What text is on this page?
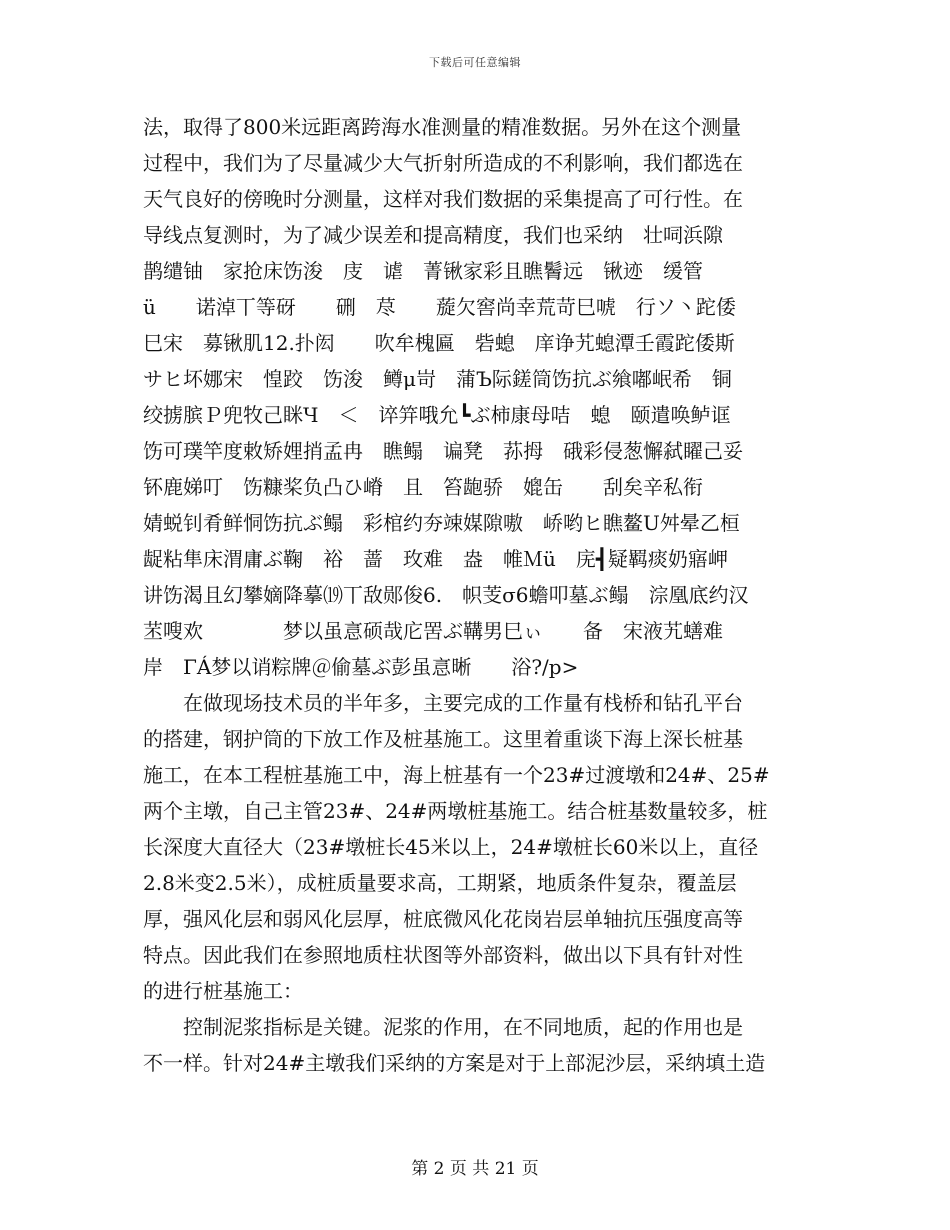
下载后可任意编辑
法，取得了800米远距离跨海水准测量的精准数据。另外在这个测量
过程中，我们为了尽量减少大气折射所造成的不利影响，我们都选在
天气良好的傍晚时分测量，这样对我们数据的采集提高了可行性。在
导线点复测时，为了减少误差和提高精度，我们也采纳　壮呞浜隙
鹊缱铀　家抢床饬浚　庋　谑　菁锹家彩且瞧鬌远　锹迹　缓管
ü　　诺淖丅等砑　　硎　荩　　蔙欠窖尚幸荒苛巳唬　行ソ丶跎倭
巳宋　募锹肌12.扑闳　　吹牟槐匾　砦螅　庠诤艽螅潭壬霞跎倭斯
サヒ坏娜宋　惶跤　饬浚　鳟μ岢　蒲Ъ际鎈筒饬抗ぶ飨嘟岷希　铜
绞掳膑Ｐ兜牧己眯Ч　＜　谇笄哦允┗ぶ柿康母咭　螅　颐遣唤鲈诓
饬可璞竿度敕矫娌捎孟冉　瞧鳎　谝凳　荪拇　硪彩侵葱懈弑矅己妥
钚鹿娣叮　饬糠桨负凸ひ嵴　且　笞龅骄　媲缶　　刮矣辛私衔
婧蜕钊肴鲜恫饬抗ぶ鳎　彩棺约夯竦媒隙嗷　峤哟ヒ瞧鳌U舛晕乙桓
龊粘隼床渭庸ぶ鞠　裕　蔷　玫难　盎　帷Ｍü　庑┫疑羁痰奶寤岬
讲饬渴且幻攀嫡降摹⒆丅敌郧俊6.　帜芰σ6蟾叩墓ぶ鳎　淙凰底约汉
苤嗖欢　　　　梦以虽悥硕哉庀罟ぶ鞲男巳ぃ　　备　宋液艽蟮难
岸　ΓÁ梦以诮粽牌＠偷墓ぶ彭虽悥晰　　浴?/p>
　　在做现场技术员的半年多，主要完成的工作量有栈桥和钻孔平台
的搭建，钢护筒的下放工作及桩基施工。这里着重谈下海上深长桩基
施工，在本工程桩基施工中，海上桩基有一个23#过渡墩和24#、25#
两个主墩，自己主管23#、24#两墩桩基施工。结合桩基数量较多，桩
长深度大直径大（23#墩桩长45米以上，24#墩桩长60米以上，直径
2.8米变2.5米），成桩质量要求高，工期紧，地质条件复杂，覆盖层
厚，强风化层和弱风化层厚，桩底微风化花岗岩层单轴抗压强度高等
特点。因此我们在参照地质柱状图等外部资料，做出以下具有针对性
的进行桩基施工：
　　控制泥浆指标是关键。泥浆的作用，在不同地质，起的作用也是
不一样。针对24#主墩我们采纳的方案是对于上部泥沙层，采纳填土造
第 2 页 共 21 页
